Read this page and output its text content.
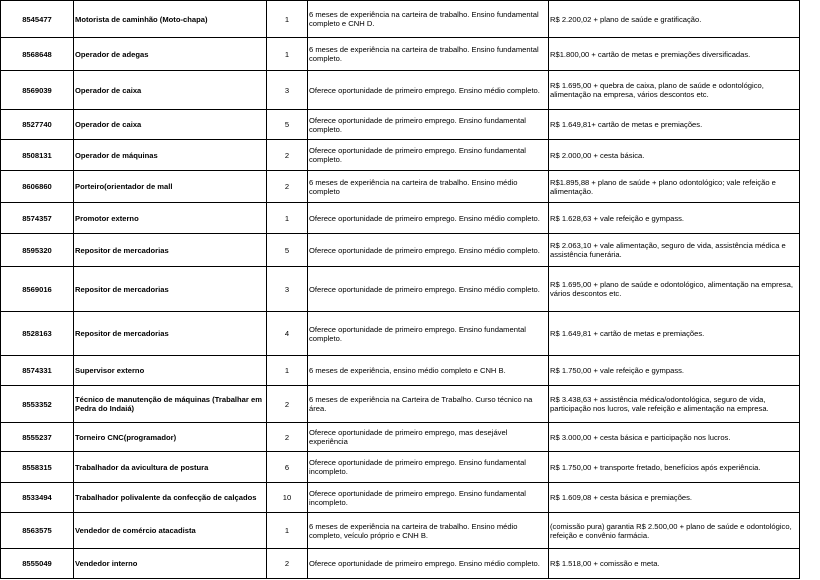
8545477	Motorista de caminhão (Moto-chapa)	1	6 meses de experiência na carteira de trabalho. Ensino fundamental completo e CNH D.	R$ 2.200,02 + plano de saúde e gratificação.
8568648	Operador de adegas	1	6 meses de experiência na carteira de trabalho. Ensino fundamental completo.	R$1.800,00 + cartão de metas e premiações diversificadas.
8569039	Operador de caixa	3	Oferece oportunidade de primeiro emprego. Ensino médio completo.	R$ 1.695,00 + quebra de caixa, plano de saúde e odontológico, alimentação na empresa, vários descontos etc.
8527740	Operador de caixa	5	Oferece oportunidade de primeiro emprego. Ensino fundamental completo.	R$ 1.649,81+ cartão de metas e premiações.
8508131	Operador de máquinas	2	Oferece oportunidade de primeiro emprego. Ensino fundamental completo.	R$ 2.000,00 + cesta básica.
8606860	Porteiro(orientador de mall	2	6 meses de experiência na carteira de trabalho. Ensino médio completo	R$1.895,88 + plano de saúde + plano odontológico; vale refeição e alimentação.
8574357	Promotor externo	1	Oferece oportunidade de primeiro emprego. Ensino médio completo.	R$ 1.628,63 + vale refeição e gympass.
8595320	Repositor de mercadorias	5	Oferece oportunidade de primeiro emprego. Ensino médio completo.	R$ 2.063,10 + vale alimentação, seguro de vida, assistência médica e assistência funerária.
8569016	Repositor de mercadorias	3	Oferece oportunidade de primeiro emprego. Ensino médio completo.	R$ 1.695,00 + plano de saúde e odontológico, alimentação na empresa, vários descontos etc.
8528163	Repositor de mercadorias	4	Oferece oportunidade de primeiro emprego. Ensino fundamental completo.	R$ 1.649,81 + cartão de metas e premiações.
8574331	Supervisor externo	1	6 meses de experiência, ensino médio completo e CNH B.	R$ 1.750,00 + vale refeição e gympass.
8553352	Técnico de manutenção de máquinas (Trabalhar em Pedra do Indaiá)	2	6 meses de experiência na Carteira de Trabalho. Curso técnico na área.	R$ 3.438,63 + assistência médica/odontológica, seguro de vida, participação nos lucros, vale refeição e alimentação na empresa.
8555237	Torneiro CNC(programador)	2	Oferece oportunidade de primeiro emprego, mas desejável experiência	R$ 3.000,00 + cesta básica e participação nos lucros.
8558315	Trabalhador da avicultura de postura	6	Oferece oportunidade de primeiro emprego. Ensino fundamental incompleto.	R$ 1.750,00 + transporte fretado, benefícios após experiência.
8533494	Trabalhador polivalente da confecção de calçados	10	Oferece oportunidade de primeiro emprego. Ensino fundamental incompleto.	R$ 1.609,08 + cesta básica e premiações.
8563575	Vendedor de comércio atacadista	1	6 meses de experiência na carteira de trabalho. Ensino médio completo, veículo próprio e CNH B.	(comissão pura) garantia R$ 2.500,00 + plano de saúde e odontológico, refeição e convênio farmácia.
8555049	Vendedor interno	2	Oferece oportunidade de primeiro emprego. Ensino médio completo.	R$ 1.518,00 + comissão e meta.
